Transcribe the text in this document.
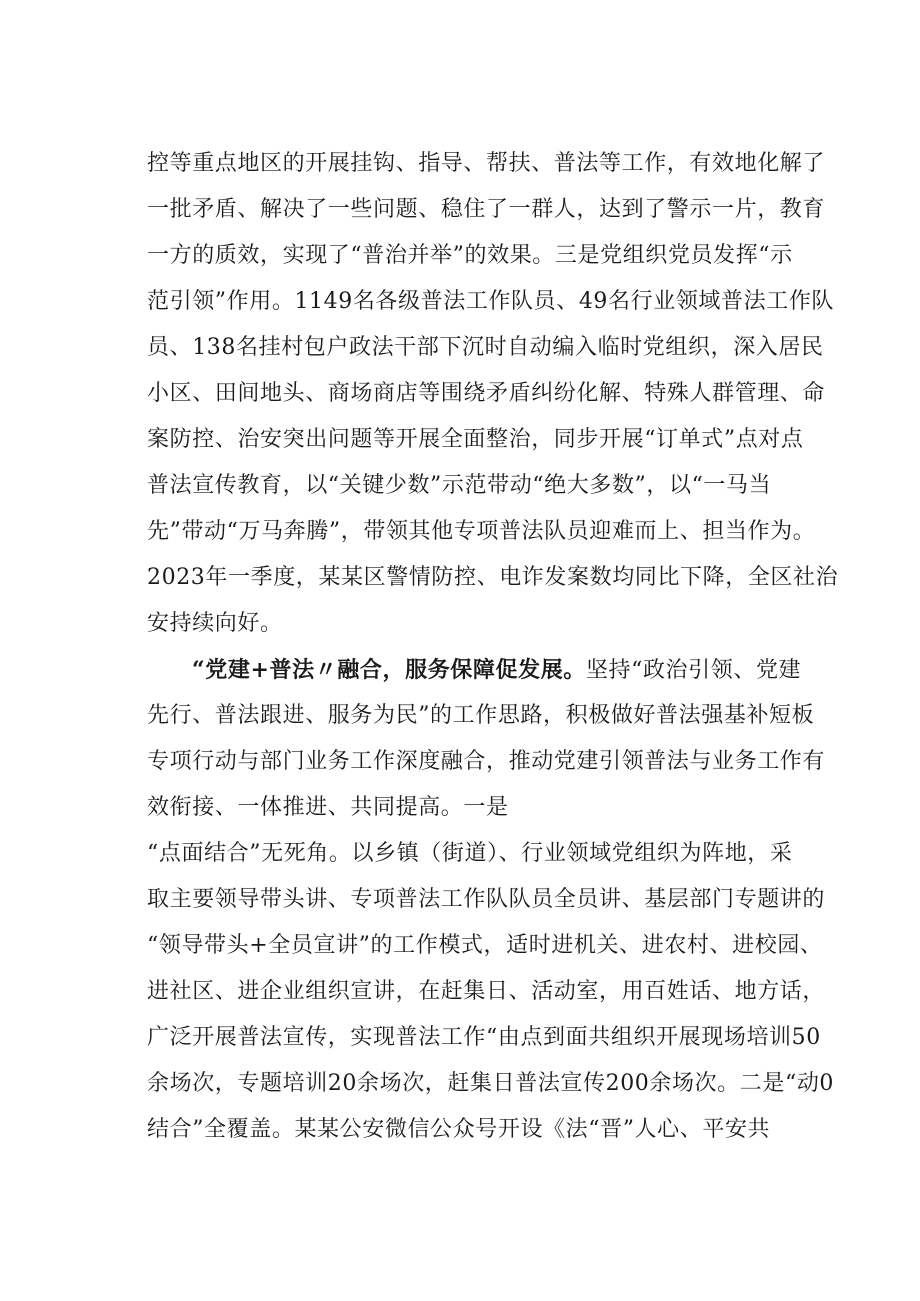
控等重点地区的开展挂钩、指导、帮扶、普法等工作，有效地化解了
一批矛盾、解决了一些问题、稳住了一群人，达到了警示一片，教育
一方的质效，实现了“普治并举”的效果。三是党组织党员发挥“示
范引领”作用。1149名各级普法工作队员、49名行业领域普法工作队
员、138名挂村包户政法干部下沉时自动编入临时党组织，深入居民
小区、田间地头、商场商店等围绕矛盾纠纷化解、特殊人群管理、命
案防控、治安突出问题等开展全面整治，同步开展“订单式”点对点
普法宣传教育，以“关键少数”示范带动“绝大多数”，以“一马当
先”带动“万马奔腾”，带领其他专项普法队员迎难而上、担当作为。
2023年一季度，某某区警情防控、电诈发案数均同比下降，全区社治
安持续向好。
“党建+普法〃融合，服务保障促发展。坚持“政治引领、党建
先行、普法跟进、服务为民”的工作思路，积极做好普法强基补短板
专项行动与部门业务工作深度融合，推动党建引领普法与业务工作有
效衔接、一体推进、共同提高。一是
“点面结合”无死角。以乡镇（街道）、行业领域党组织为阵地，采
取主要领导带头讲、专项普法工作队队员全员讲、基层部门专题讲的
“领导带头+全员宣讲”的工作模式，适时进机关、进农村、进校园、
进社区、进企业组织宣讲，在赶集日、活动室，用百姓话、地方话，
广泛开展普法宣传，实现普法工作“由点到面共组织开展现场培训50
余场次，专题培训20余场次，赶集日普法宣传200余场次。二是“动0
结合”全覆盖。某某公安微信公众号开设《法“晋”人心、平安共
